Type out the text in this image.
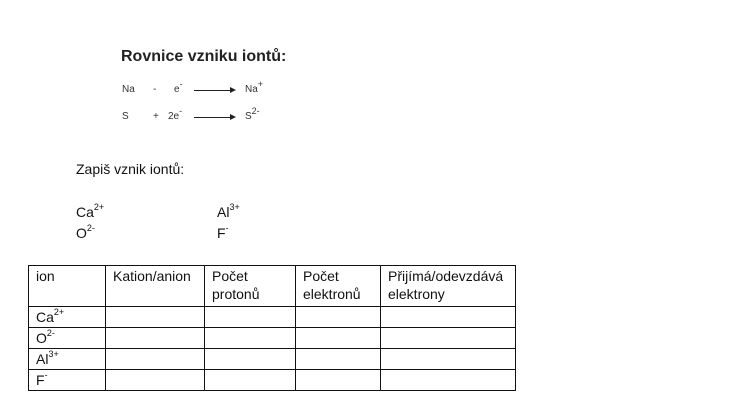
Rovnice vzniku iontů:
Na - e-
Na+
S + 2e-
$S^{2-}$
Zapiš vznik iontů:
$Ca^{2+}$	$Al^{3+}$
$O^{2-}$	F-
ion	Kation/anion	Počet protonů	Počet elektronů	Přijímá/odevzdává elektrony
$Ca^{2+}$				
$O^{2-}$				
$Al^{3+}$				
F-				
